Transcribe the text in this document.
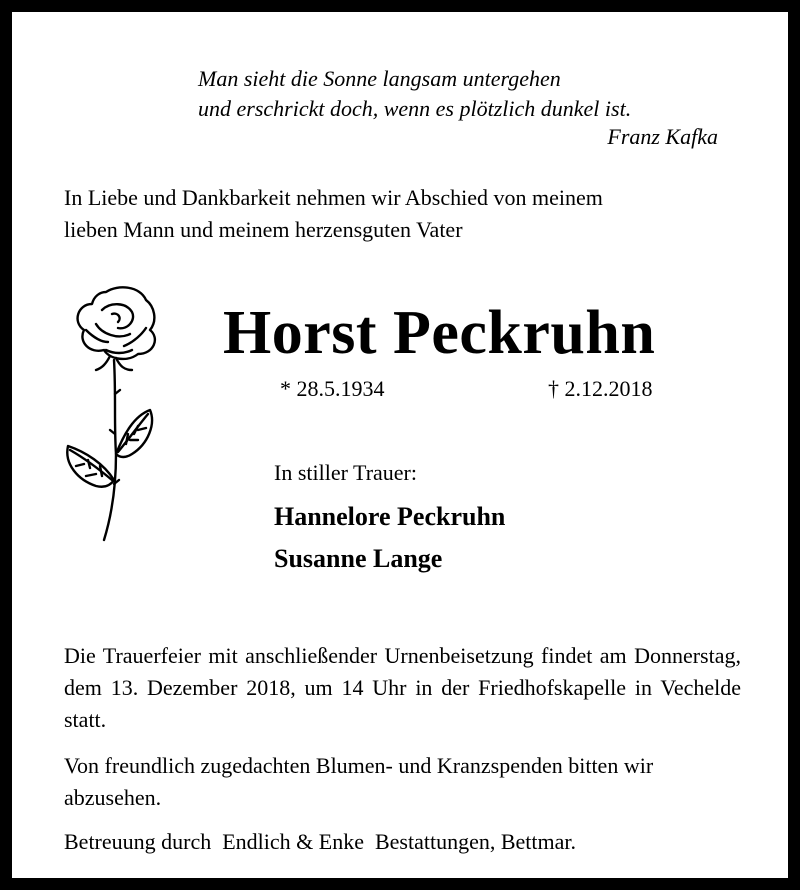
Man sieht die Sonne langsam untergehen
und erschrickt doch, wenn es plötzlich dunkel ist.
Franz Kafka
In Liebe und Dankbarkeit nehmen wir Abschied von meinem
lieben Mann und meinem herzensguten Vater
Horst Peckruhn
* 28.5.1934	† 2.12.2018
In stiller Trauer:
Hannelore Peckruhn
Susanne Lange
Die Trauerfeier mit anschließender Urnenbeisetzung findet am Donnerstag, dem 13. Dezember 2018, um 14 Uhr in der Friedhofskapelle in Vechelde statt.
Von freundlich zugedachten Blumen- und Kranzspenden bitten wir abzusehen.
Betreuung durch  Endlich & Enke  Bestattungen, Bettmar.
